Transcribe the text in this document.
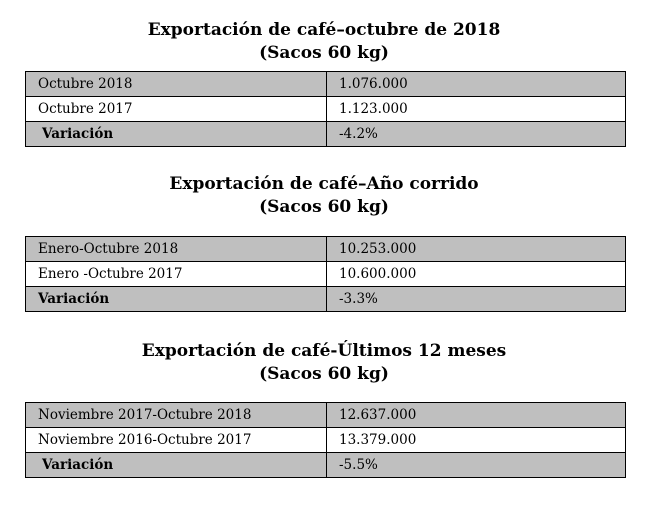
Exportación de café–octubre de 2018
(Sacos 60 kg)
Octubre 2018	1.076.000
Octubre 2017	1.123.000
Variación	-4.2%
Exportación de café–Año corrido
(Sacos 60 kg)
Enero-Octubre 2018	10.253.000
Enero -Octubre 2017	10.600.000
Variación	-3.3%
Exportación de café-Últimos 12 meses
(Sacos 60 kg)
Noviembre 2017-Octubre 2018	12.637.000
Noviembre 2016-Octubre 2017	13.379.000
Variación	-5.5%
